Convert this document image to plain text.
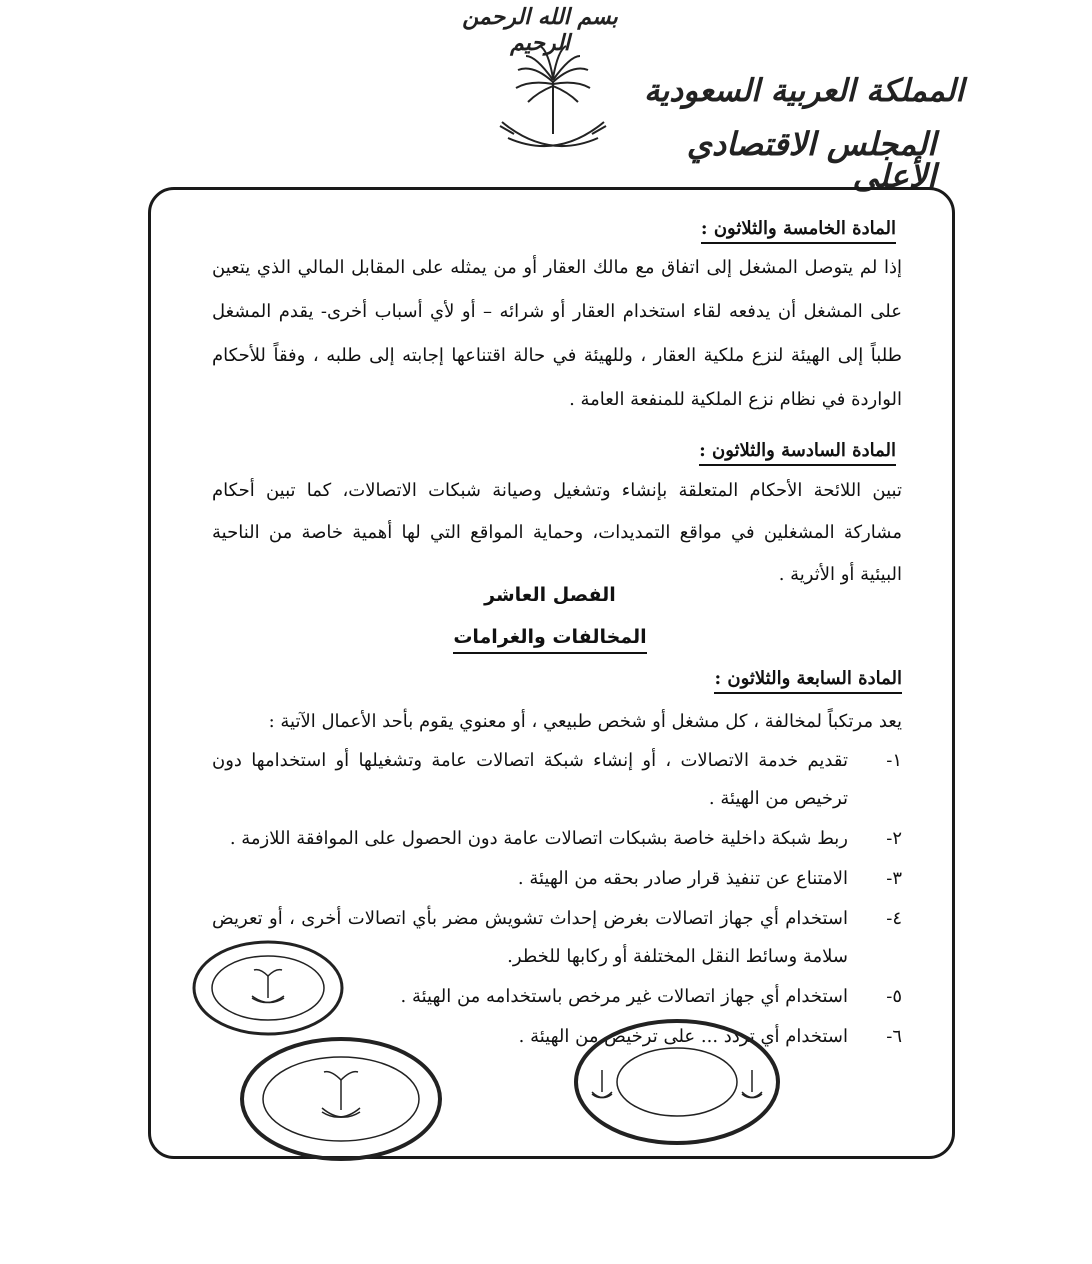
بسم الله الرحمن الرحيم
المملكة العربية السعودية
المجلس الاقتصادي الأعلى
المادة الخامسة والثلاثون :
إذا لم يتوصل المشغل إلى اتفاق مع مالك العقار أو من يمثله على المقابل المالي الذي يتعين على المشغل أن يدفعه لقاء استخدام العقار أو شرائه – أو لأي أسباب أخرى- يقدم المشغل طلباً إلى الهيئة لنزع ملكية العقار ، وللهيئة في حالة اقتناعها إجابته إلى طلبه ، وفقاً للأحكام الواردة في نظام نزع الملكية للمنفعة العامة .
المادة السادسة والثلاثون :
تبين اللائحة الأحكام المتعلقة بإنشاء وتشغيل وصيانة شبكات الاتصالات، كما تبين أحكام مشاركة المشغلين في مواقع التمديدات، وحماية المواقع التي لها أهمية خاصة من الناحية البيئية أو الأثرية .
الفصل العاشر
المخالفات والغرامات
المادة السابعة والثلاثون :
يعد مرتكباً لمخالفة ، كل مشغل أو شخص طبيعي ، أو معنوي يقوم بأحد الأعمال الآتية :
١-
تقديم خدمة الاتصالات ، أو إنشاء شبكة اتصالات عامة وتشغيلها أو استخدامها دون ترخيص من الهيئة .
٢-
ربط شبكة داخلية خاصة بشبكات اتصالات عامة دون الحصول على الموافقة اللازمة .
٣-
الامتناع عن تنفيذ قرار صادر بحقه من الهيئة .
٤-
استخدام أي جهاز اتصالات بغرض إحداث تشويش مضر بأي اتصالات أخرى ، أو تعريض سلامة وسائط النقل المختلفة أو ركابها للخطر.
٥-
استخدام أي جهاز اتصالات غير مرخص باستخدامه من الهيئة .
٦-
استخدام أي تردد ... على ترخيص من الهيئة .
